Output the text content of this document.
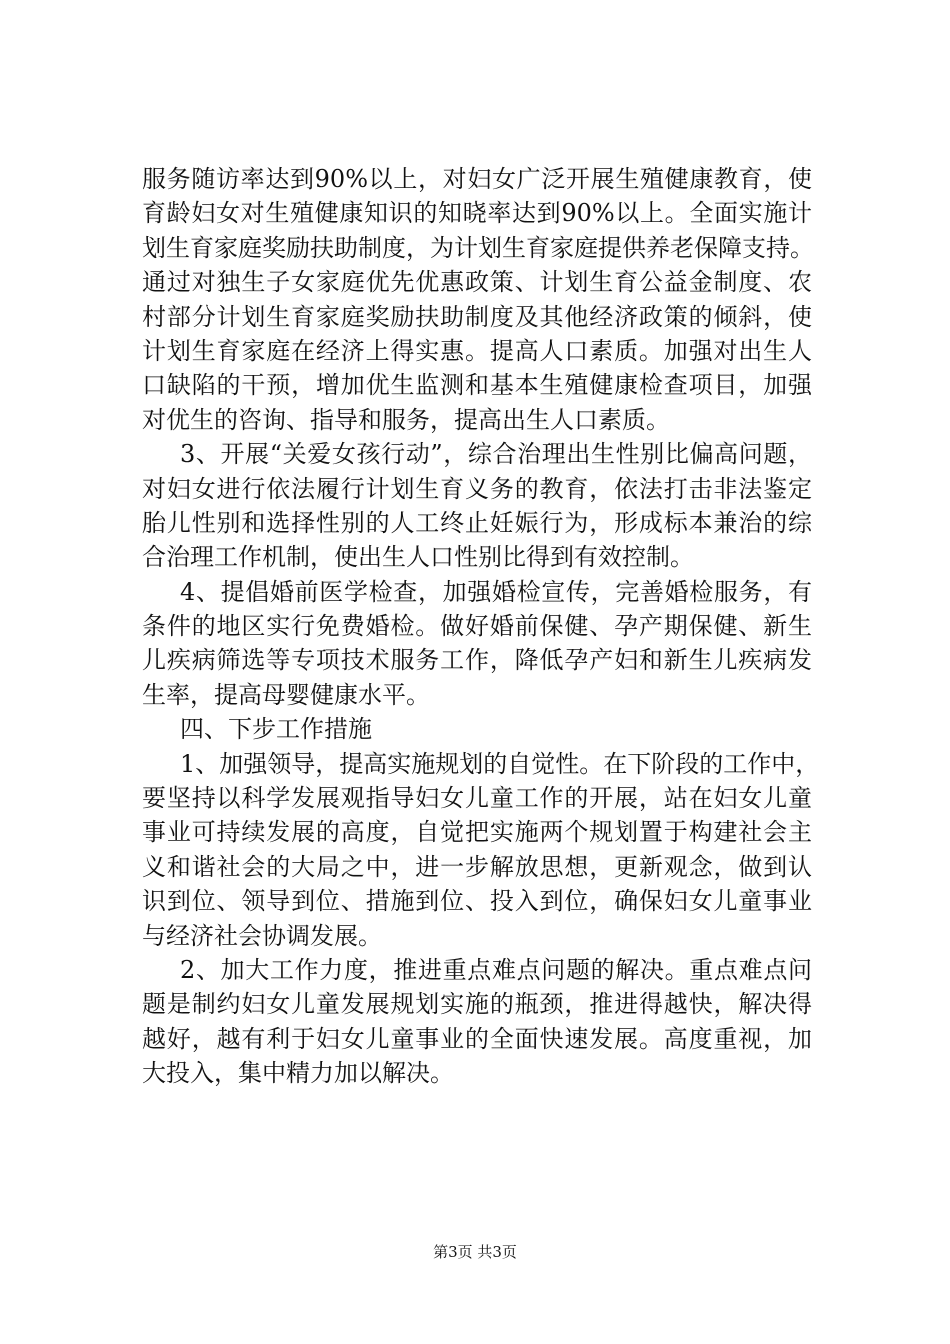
服务随访率达到90%以上，对妇女广泛开展生殖健康教育，使
育龄妇女对生殖健康知识的知晓率达到90%以上。全面实施计
划生育家庭奖励扶助制度，为计划生育家庭提供养老保障支持。
通过对独生子女家庭优先优惠政策、计划生育公益金制度、农
村部分计划生育家庭奖励扶助制度及其他经济政策的倾斜，使
计划生育家庭在经济上得实惠。提高人口素质。加强对出生人
口缺陷的干预，增加优生监测和基本生殖健康检查项目，加强
对优生的咨询、指导和服务，提高出生人口素质。
3、开展“关爱女孩行动”，综合治理出生性别比偏高问题，
对妇女进行依法履行计划生育义务的教育，依法打击非法鉴定
胎儿性别和选择性别的人工终止妊娠行为，形成标本兼治的综
合治理工作机制，使出生人口性别比得到有效控制。
4、提倡婚前医学检查，加强婚检宣传，完善婚检服务，有
条件的地区实行免费婚检。做好婚前保健、孕产期保健、新生
儿疾病筛选等专项技术服务工作，降低孕产妇和新生儿疾病发
生率，提高母婴健康水平。
四、下步工作措施
1、加强领导，提高实施规划的自觉性。在下阶段的工作中，
要坚持以科学发展观指导妇女儿童工作的开展，站在妇女儿童
事业可持续发展的高度，自觉把实施两个规划置于构建社会主
义和谐社会的大局之中，进一步解放思想，更新观念，做到认
识到位、领导到位、措施到位、投入到位，确保妇女儿童事业
与经济社会协调发展。
2、加大工作力度，推进重点难点问题的解决。重点难点问
题是制约妇女儿童发展规划实施的瓶颈，推进得越快，解决得
越好，越有利于妇女儿童事业的全面快速发展。高度重视，加
大投入，集中精力加以解决。
第3页 共3页
